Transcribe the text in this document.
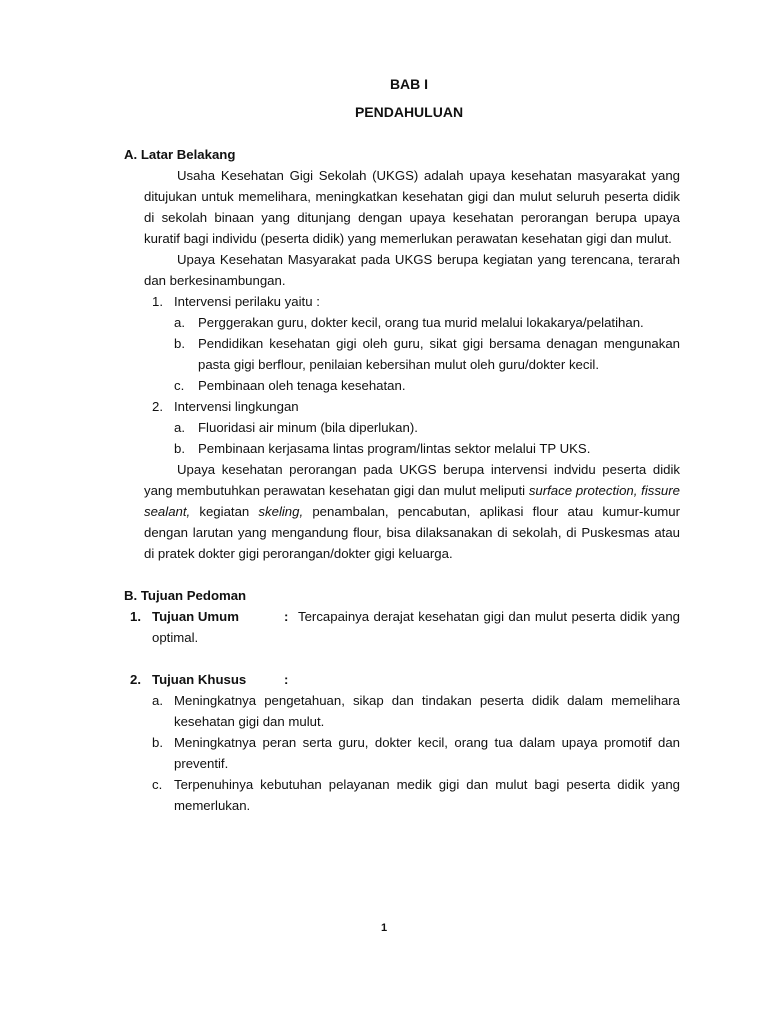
BAB I
PENDAHULUAN
A. Latar Belakang

Usaha Kesehatan Gigi Sekolah (UKGS) adalah upaya kesehatan masyarakat yang ditujukan untuk memelihara, meningkatkan kesehatan gigi dan mulut seluruh peserta didik di sekolah binaan yang ditunjang dengan upaya kesehatan perorangan berupa upaya kuratif bagi individu (peserta didik) yang memerlukan perawatan kesehatan gigi dan mulut.

Upaya Kesehatan Masyarakat pada UKGS berupa kegiatan yang terencana, terarah dan berkesinambungan.

1. Intervensi perilaku yaitu :
a. Perggerakan guru, dokter kecil, orang tua murid melalui lokakarya/pelatihan.
b. Pendidikan kesehatan gigi oleh guru, sikat gigi bersama denagan mengunakan pasta gigi berflour, penilaian kebersihan mulut oleh guru/dokter kecil.
c.	Pembinaan oleh tenaga kesehatan.
2. Intervensi lingkungan
a. Fluoridasi air minum (bila diperlukan).
b. Pembinaan kerjasama lintas program/lintas sektor melalui TP UKS.

Upaya kesehatan perorangan pada UKGS berupa intervensi indvidu peserta didik yang membutuhkan perawatan kesehatan gigi dan mulut meliputi surface protection, fissure sealant, kegiatan skeling, penambalan, pencabutan, aplikasi flour atau kumur-kumur dengan larutan yang mengandung flour, bisa dilaksanakan di sekolah, di Puskesmas atau di pratek dokter gigi perorangan/dokter gigi keluarga.

B. Tujuan Pedoman
1. Tujuan Umum	: Tercapainya derajat kesehatan gigi dan mulut peserta didik yang optimal.
2. Tujuan Khusus	:
a. Meningkatnya pengetahuan, sikap dan tindakan peserta didik dalam memelihara kesehatan gigi dan mulut.
b. Meningkatnya peran serta guru, dokter kecil, orang tua dalam upaya promotif dan preventif.
c. Terpenuhinya kebutuhan pelayanan medik gigi dan mulut bagi peserta didik yang memerlukan.
1
